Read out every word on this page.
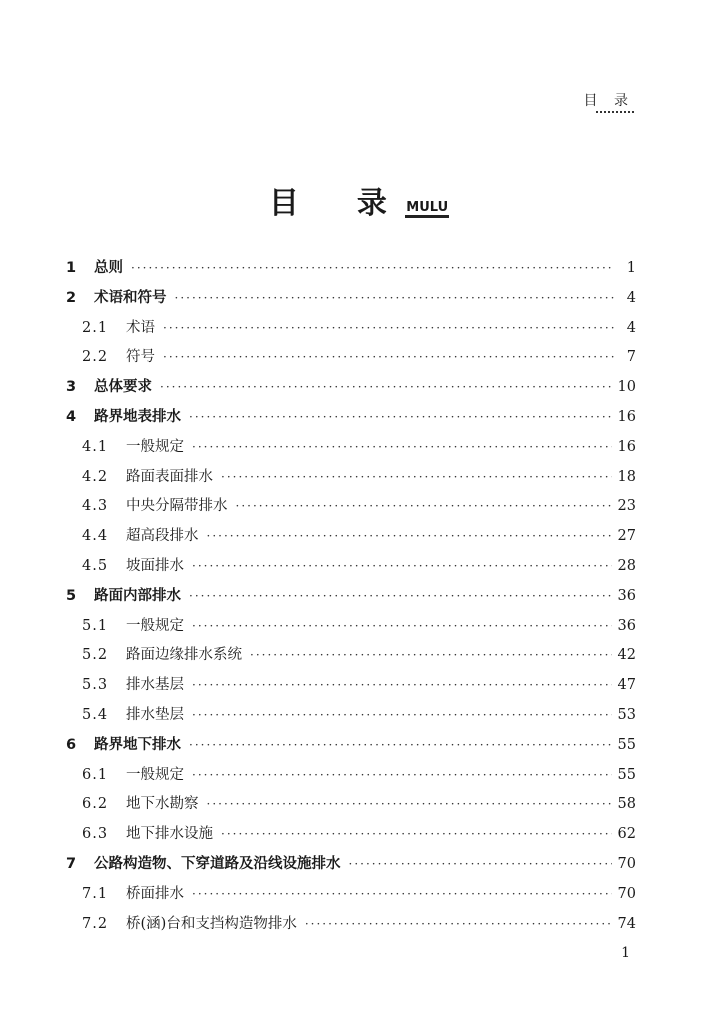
目 录
目 录 MULU
1	总则 ·····	1
2	术语和符号 ·····	4
2.1	术语 ·····	4
2.2	符号 ·····	7
3	总体要求 ·····	10
4	路界地表排水 ·····	16
4.1	一般规定 ·····	16
4.2	路面表面排水 ·····	18
4.3	中央分隔带排水 ·····	23
4.4	超高段排水 ·····	27
4.5	坡面排水 ·····	28
5	路面内部排水 ·····	36
5.1	一般规定 ·····	36
5.2	路面边缘排水系统 ·····	42
5.3	排水基层 ·····	47
5.4	排水垫层 ·····	53
6	路界地下排水 ·····	55
6.1	一般规定 ·····	55
6.2	地下水勘察 ·····	58
6.3	地下排水设施 ·····	62
7	公路构造物、下穿道路及沿线设施排水 ·····	70
7.1	桥面排水 ·····	70
7.2	桥(涵)台和支挡构造物排水 ·····	74
1
